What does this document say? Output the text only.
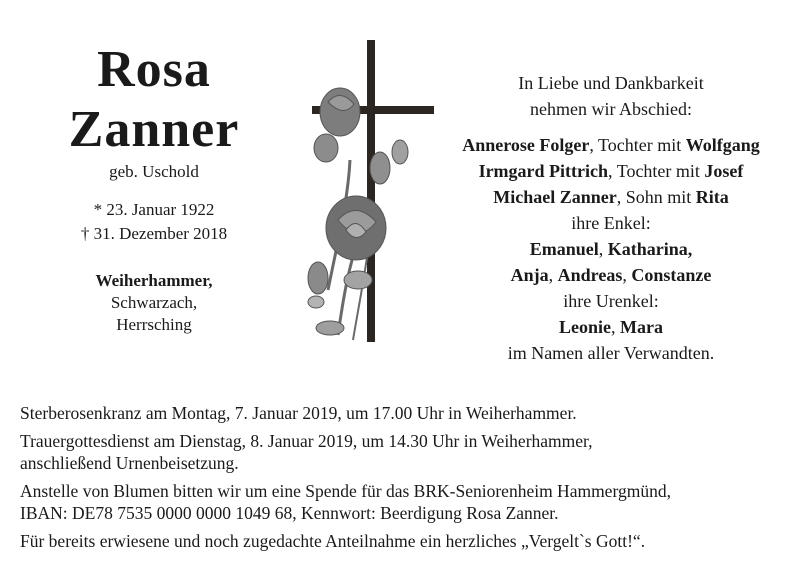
Rosa
Zanner
geb. Uschold
* 23. Januar 1922
† 31. Dezember 2018
Weiherhammer,
Schwarzach,
Herrsching
In Liebe und Dankbarkeit
nehmen wir Abschied:
Annerose Folger, Tochter mit Wolfgang
Irmgard Pittrich, Tochter mit Josef
Michael Zanner, Sohn mit Rita
ihre Enkel:
Emanuel, Katharina,
Anja, Andreas, Constanze
ihre Urenkel:
Leonie, Mara
im Namen aller Verwandten.

Sterberosenkranz am Montag, 7. Januar 2019, um 17.00 Uhr in Weiherhammer.

Trauergottesdienst am Dienstag, 8. Januar 2019, um 14.30 Uhr in Weiherhammer,
anschließend Urnenbeisetzung.

Anstelle von Blumen bitten wir um eine Spende für das BRK-Seniorenheim Hammergmünd,
IBAN: DE78 7535 0000 0000 1049 68, Kennwort: Beerdigung Rosa Zanner.

Für bereits erwiesene und noch zugedachte Anteilnahme ein herzliches „Vergelt`s Gott!“.
